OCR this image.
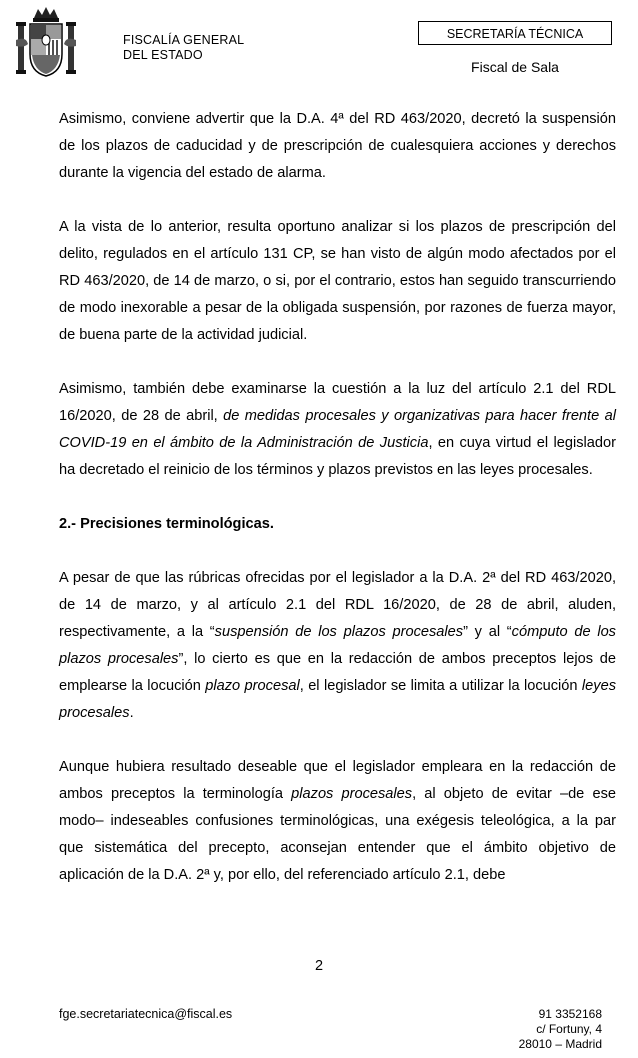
FISCALÍA GENERAL
DEL ESTADO
SECRETARÍA TÉCNICA
Fiscal de Sala

Asimismo, conviene advertir que la D.A. 4ª del RD 463/2020, decretó la suspensión de los plazos de caducidad y de prescripción de cualesquiera acciones y derechos durante la vigencia del estado de alarma.

A la vista de lo anterior, resulta oportuno analizar si los plazos de prescripción del delito, regulados en el artículo 131 CP, se han visto de algún modo afectados por el RD 463/2020, de 14 de marzo, o si, por el contrario, estos han seguido transcurriendo de modo inexorable a pesar de la obligada suspensión, por razones de fuerza mayor, de buena parte de la actividad judicial.

Asimismo, también debe examinarse la cuestión a la luz del artículo 2.1 del RDL 16/2020, de 28 de abril, de medidas procesales y organizativas para hacer frente al COVID-19 en el ámbito de la Administración de Justicia, en cuya virtud el legislador ha decretado el reinicio de los términos y plazos previstos en las leyes procesales.

2.- Precisiones terminológicas.

A pesar de que las rúbricas ofrecidas por el legislador a la D.A. 2ª del RD 463/2020, de 14 de marzo, y al artículo 2.1 del RDL 16/2020, de 28 de abril, aluden, respectivamente, a la “suspensión de los plazos procesales” y al “cómputo de los plazos procesales”, lo cierto es que en la redacción de ambos preceptos lejos de emplearse la locución plazo procesal, el legislador se limita a utilizar la locución leyes procesales.

Aunque hubiera resultado deseable que el legislador empleara en la redacción de ambos preceptos la terminología plazos procesales, al objeto de evitar –de ese modo– indeseables confusiones terminológicas, una exégesis teleológica, a la par que sistemática del precepto, aconsejan entender que el ámbito objetivo de aplicación de la D.A. 2ª y, por ello, del referenciado artículo 2.1, debe

2
fge.secretariatecnica@fiscal.es	91 3352168
c/ Fortuny, 4
28010 – Madrid
